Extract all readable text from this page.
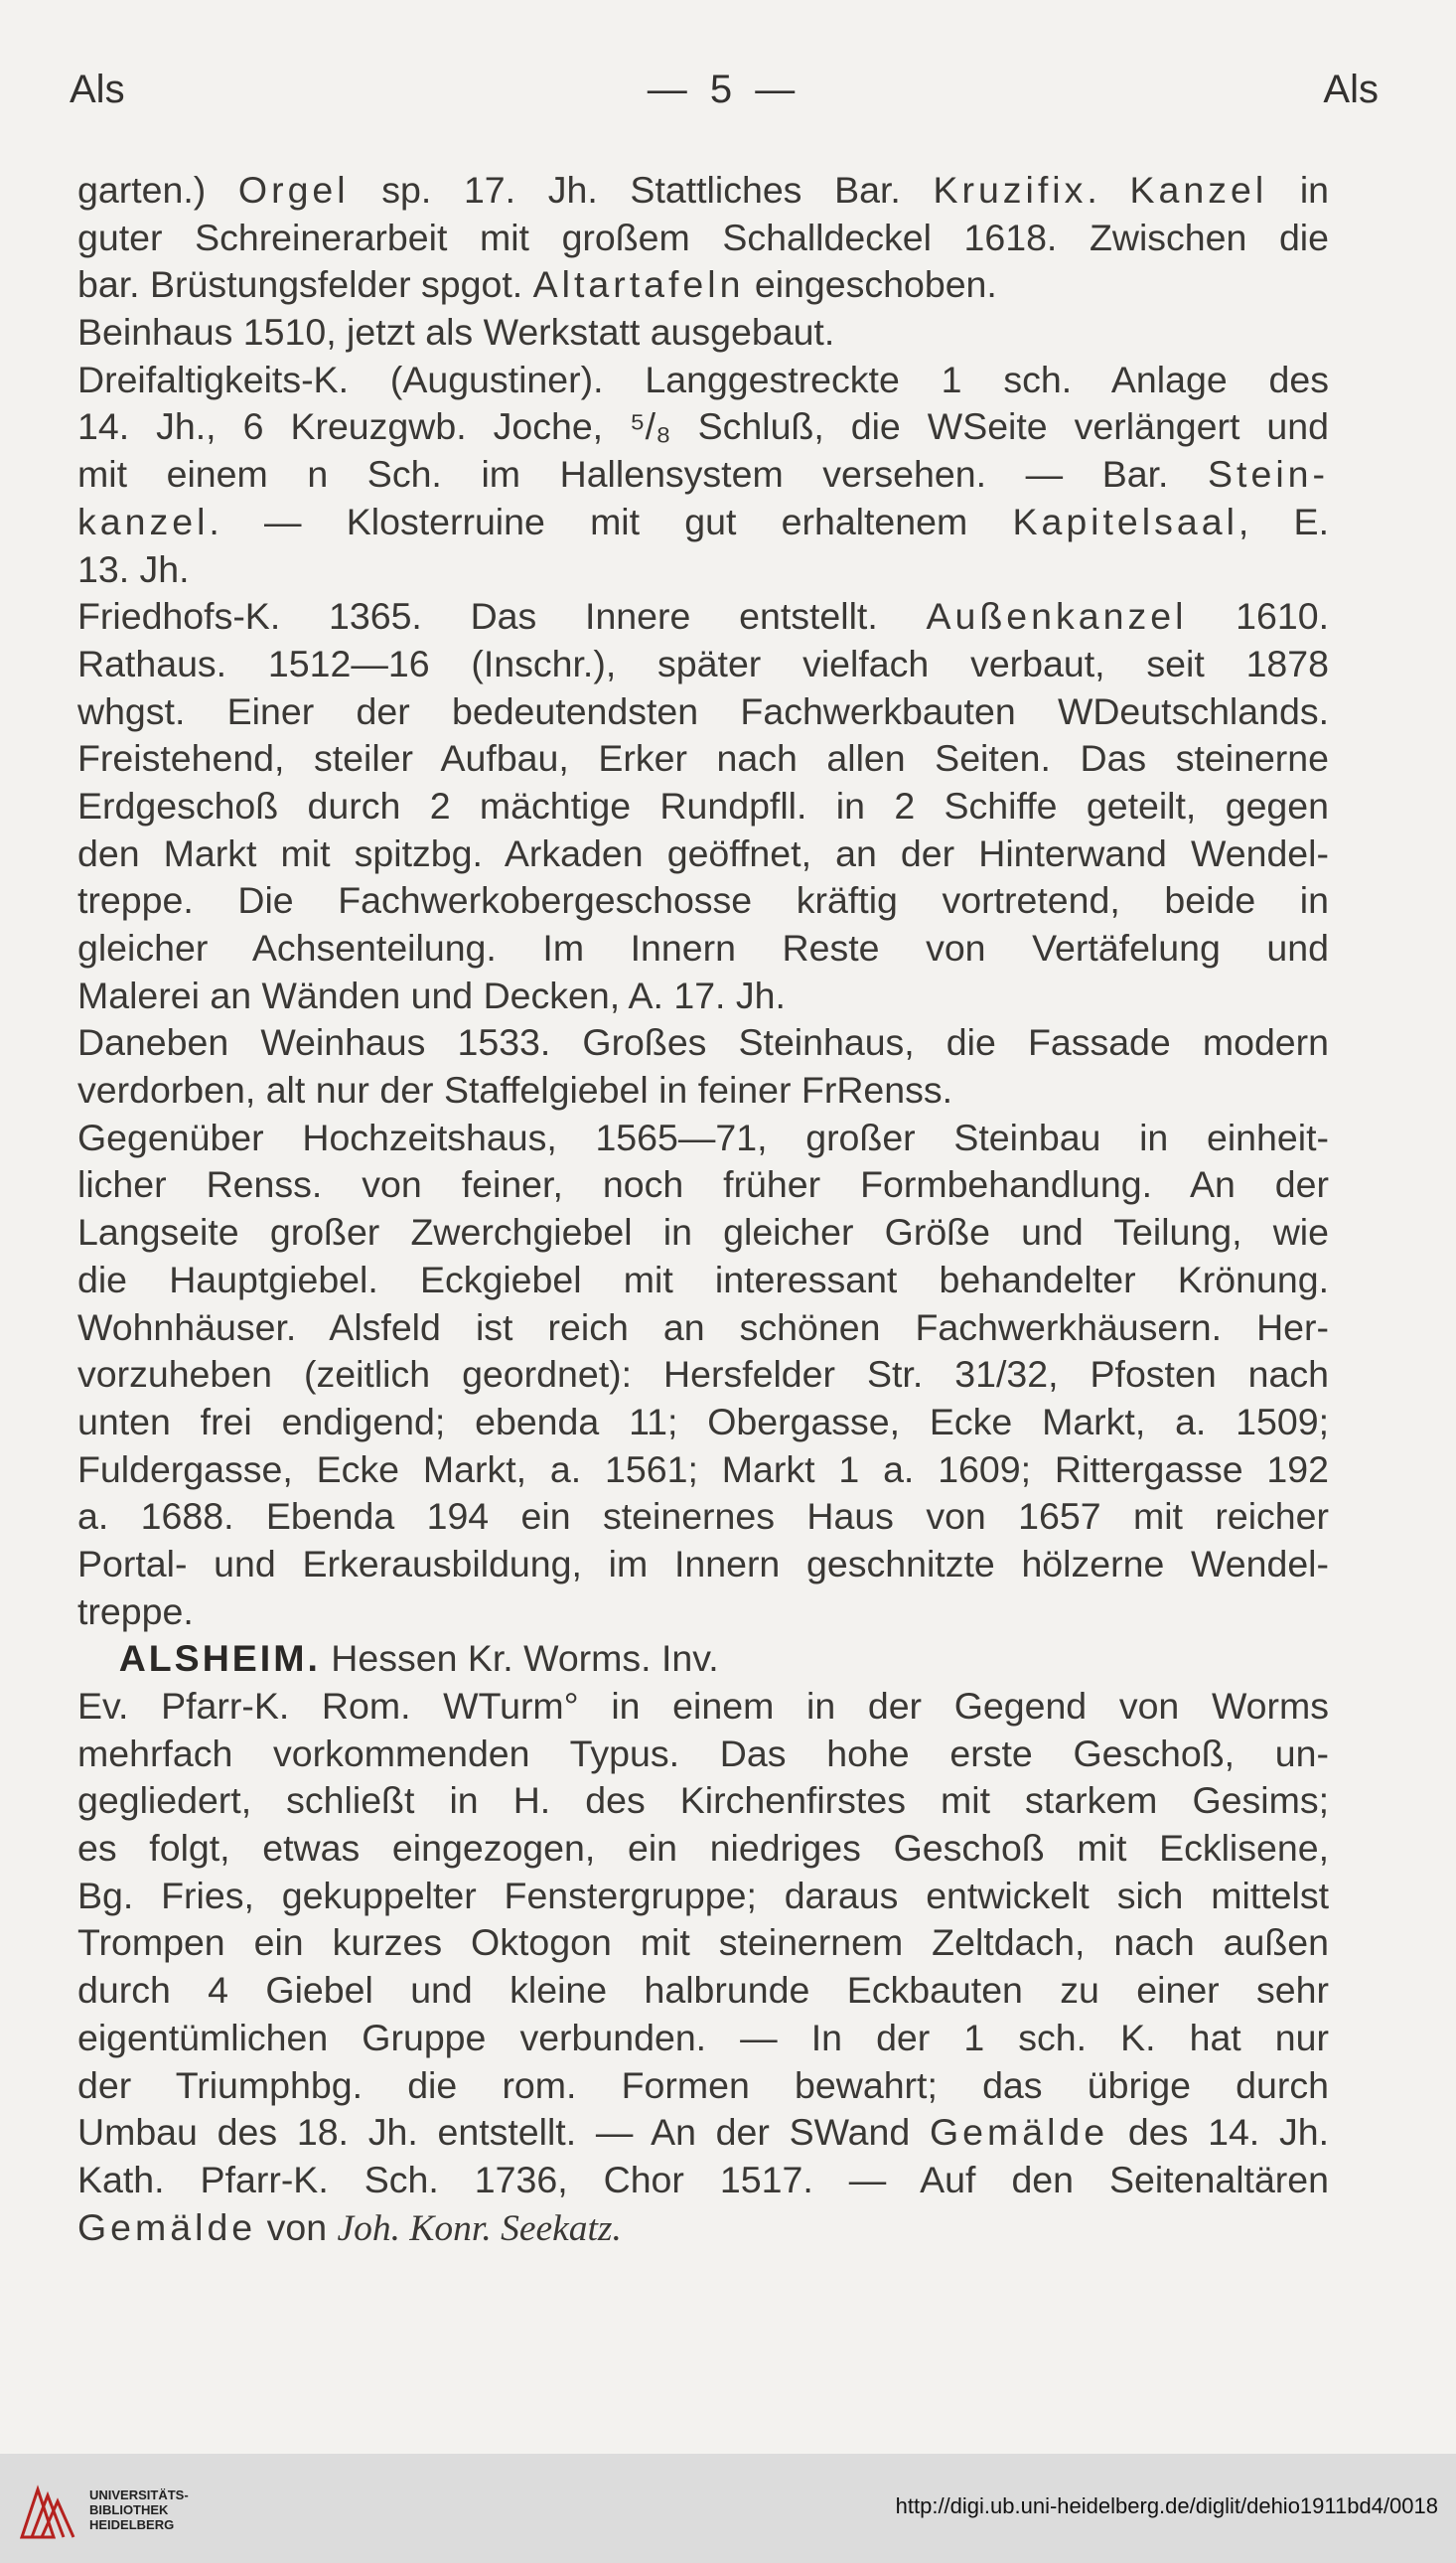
Als	— 5 —	Als
garten.) Orgel sp. 17. Jh. Stattliches Bar. Kruzifix. Kanzel in
guter Schreinerarbeit mit großem Schalldeckel 1618. Zwischen die
bar. Brüstungsfelder spgot. Altartafeln eingeschoben.
Beinhaus 1510, jetzt als Werkstatt ausgebaut.
Dreifaltigkeits-K. (Augustiner). Langgestreckte 1 sch. Anlage des
14. Jh., 6 Kreuzgwb. Joche, ⁵/₈ Schluß, die WSeite verlängert und
mit einem n Sch. im Hallensystem versehen. — Bar. Stein-
kanzel. — Klosterruine mit gut erhaltenem Kapitelsaal, E.
13. Jh.
Friedhofs-K. 1365. Das Innere entstellt. Außenkanzel 1610.
Rathaus. 1512—16 (Inschr.), später vielfach verbaut, seit 1878
whgst. Einer der bedeutendsten Fachwerkbauten WDeutschlands.
Freistehend, steiler Aufbau, Erker nach allen Seiten. Das steinerne
Erdgeschoß durch 2 mächtige Rundpfll. in 2 Schiffe geteilt, gegen
den Markt mit spitzbg. Arkaden geöffnet, an der Hinterwand Wendel-
treppe. Die Fachwerkobergeschosse kräftig vortretend, beide in
gleicher Achsenteilung. Im Innern Reste von Vertäfelung und
Malerei an Wänden und Decken, A. 17. Jh.
Daneben Weinhaus 1533. Großes Steinhaus, die Fassade modern
verdorben, alt nur der Staffelgiebel in feiner FrRenss.
Gegenüber Hochzeitshaus, 1565—71, großer Steinbau in einheit-
licher Renss. von feiner, noch früher Formbehandlung. An der
Langseite großer Zwerchgiebel in gleicher Größe und Teilung, wie
die Hauptgiebel. Eckgiebel mit interessant behandelter Krönung.
Wohnhäuser. Alsfeld ist reich an schönen Fachwerkhäusern. Her-
vorzuheben (zeitlich geordnet): Hersfelder Str. 31/32, Pfosten nach
unten frei endigend; ebenda 11; Obergasse, Ecke Markt, a. 1509;
Fuldergasse, Ecke Markt, a. 1561; Markt 1 a. 1609; Rittergasse 192
a. 1688. Ebenda 194 ein steinernes Haus von 1657 mit reicher
Portal- und Erkerausbildung, im Innern geschnitzte hölzerne Wendel-
treppe.
ALSHEIM. Hessen Kr. Worms. Inv.
Ev. Pfarr-K. Rom. WTurm° in einem in der Gegend von Worms
mehrfach vorkommenden Typus. Das hohe erste Geschoß, un-
gegliedert, schließt in H. des Kirchenfirstes mit starkem Gesims;
es folgt, etwas eingezogen, ein niedriges Geschoß mit Ecklisene,
Bg. Fries, gekuppelter Fenstergruppe; daraus entwickelt sich mittelst
Trompen ein kurzes Oktogon mit steinernem Zeltdach, nach außen
durch 4 Giebel und kleine halbrunde Eckbauten zu einer sehr
eigentümlichen Gruppe verbunden. — In der 1 sch. K. hat nur
der Triumphbg. die rom. Formen bewahrt; das übrige durch
Umbau des 18. Jh. entstellt. — An der SWand Gemälde des 14. Jh.
Kath. Pfarr-K. Sch. 1736, Chor 1517. — Auf den Seitenaltären
Gemälde von Joh. Konr. Seekatz.
UNIVERSITÄTS-
BIBLIOTHEK
HEIDELBERG
http://digi.ub.uni-heidelberg.de/diglit/dehio1911bd4/0018
